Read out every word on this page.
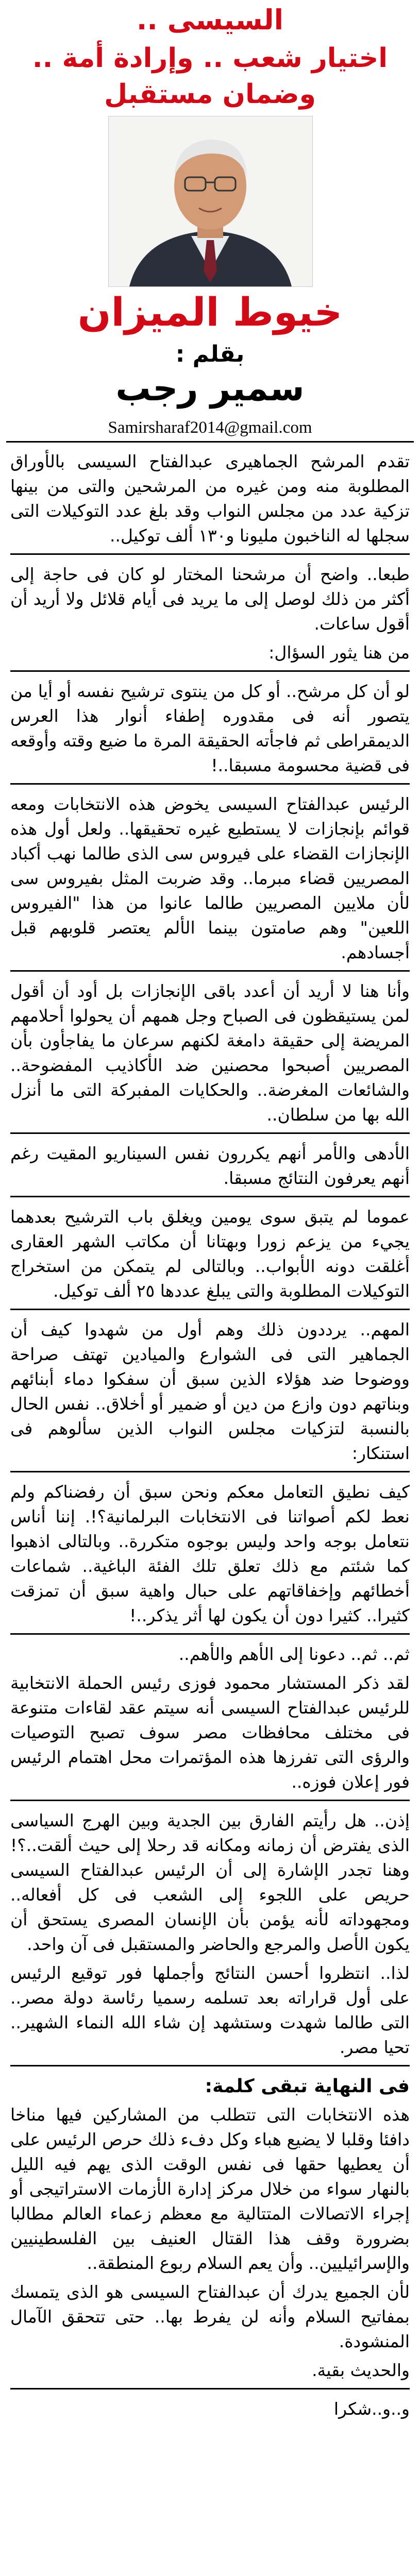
السيسى ..
اختيار شعب .. وإرادة أمة ..
وضمان مستقبل
خيوط الميزان
بقلم :
سمير رجب
Samirsharaf2014@gmail.com

تقدم المرشح الجماهيرى عبدالفتاح السيسى بالأوراق المطلوبة منه ومن غيره من المرشحين والتى من بينها تزكية عدد من مجلس النواب وقد بلغ عدد التوكيلات التى سجلها له الناخبون مليونا و١٣٠ ألف توكيل..

طبعا.. واضح أن مرشحنا المختار لو كان فى حاجة إلى أكثر من ذلك لوصل إلى ما يريد فى أيام قلائل ولا أريد أن أقول ساعات.

من هنا يثور السؤال:

لو أن كل مرشح.. أو كل من ينتوى ترشيح نفسه أو أيا من يتصور أنه فى مقدوره إطفاء أنوار هذا العرس الديمقراطى ثم فاجأته الحقيقة المرة ما ضيع وقته وأوقعه فى قضية محسومة مسبقا..!

الرئيس عبدالفتاح السيسى يخوض هذه الانتخابات ومعه قوائم بإنجازات لا يستطيع غيره تحقيقها.. ولعل أول هذه الإنجازات القضاء على فيروس سى الذى طالما نهب أكباد المصريين قضاء مبرما.. وقد ضربت المثل بفيروس سى لأن ملايين المصريين طالما عانوا من هذا "الفيروس اللعين" وهم صامتون بينما الألم يعتصر قلوبهم قبل أجسادهم.

وأنا هنا لا أريد أن أعدد باقى الإنجازات بل أود أن أقول لمن يستيقظون فى الصباح وجل همهم أن يحولوا أحلامهم المريضة إلى حقيقة دامغة لكنهم سرعان ما يفاجأون بأن المصريين أصبحوا محصنين ضد الأكاذيب المفضوحة.. والشائعات المغرضة.. والحكايات المفبركة التى ما أنزل الله بها من سلطان..

الأدهى والأمر أنهم يكررون نفس السيناريو المقيت رغم أنهم يعرفون النتائج مسبقا.

عموما لم يتبق سوى يومين ويغلق باب الترشيح بعدهما يجيء من يزعم زورا وبهتانا أن مكاتب الشهر العقارى أغلقت دونه الأبواب.. وبالتالى لم يتمكن من استخراج التوكيلات المطلوبة والتى يبلغ عددها ٢٥ ألف توكيل.

المهم.. يرددون ذلك وهم أول من شهدوا كيف أن الجماهير التى فى الشوارع والميادين تهتف صراحة ووضوحا ضد هؤلاء الذين سبق أن سفكوا دماء أبنائهم وبناتهم دون وازع من دين أو ضمير أو أخلاق.. نفس الحال بالنسبة لتزكيات مجلس النواب الذين سألوهم فى استنكار:

كيف نطيق التعامل معكم ونحن سبق أن رفضناكم ولم نعط لكم أصواتنا فى الانتخابات البرلمانية؟!. إننا أناس نتعامل بوجه واحد وليس بوجوه متكررة.. وبالتالى اذهبوا كما شئتم مع ذلك تعلق تلك الفئة الباغية.. شماعات أخطائهم وإخفاقاتهم على حبال واهية سبق أن تمزقت كثيرا.. كثيرا دون أن يكون لها أثر يذكر..!

ثم.. ثم.. دعونا إلى الأهم والأهم..

لقد ذكر المستشار محمود فوزى رئيس الحملة الانتخابية للرئيس عبدالفتاح السيسى أنه سيتم عقد لقاءات متنوعة فى مختلف محافظات مصر سوف تصبح التوصيات والرؤى التى تفرزها هذه المؤتمرات محل اهتمام الرئيس فور إعلان فوزه..

إذن.. هل رأيتم الفارق بين الجدية وبين الهرج السياسى الذى يفترض أن زمانه ومكانه قد رحلا إلى حيث ألقت..؟! وهنا تجدر الإشارة إلى أن الرئيس عبدالفتاح السيسى حريص على اللجوء إلى الشعب فى كل أفعاله.. ومجهوداته لأنه يؤمن بأن الإنسان المصرى يستحق أن يكون الأصل والمرجع والحاضر والمستقبل فى آن واحد.

لذا.. انتظروا أحسن النتائج وأجملها فور توقيع الرئيس على أول قراراته بعد تسلمه رسميا رئاسة دولة مصر.. التى طالما شهدت وستشهد إن شاء الله النماء الشهير.. تحيا مصر.

فى النهاية تبقى كلمة:

هذه الانتخابات التى تتطلب من المشاركين فيها مناخا دافئا وقلبا لا يضيع هباء وكل دفء ذلك حرص الرئيس على أن يعطيها حقها فى نفس الوقت الذى يهم فيه الليل بالنهار سواء من خلال مركز إدارة الأزمات الاستراتيجى أو إجراء الاتصالات المتتالية مع معظم زعماء العالم مطالبا بضرورة وقف هذا القتال العنيف بين الفلسطينيين والإسرائيليين.. وأن يعم السلام ربوع المنطقة..

لأن الجميع يدرك أن عبدالفتاح السيسى هو الذى يتمسك بمفاتيح السلام وأنه لن يفرط بها.. حتى تتحقق الآمال المنشودة.

والحديث بقية.

و..و..شكرا
